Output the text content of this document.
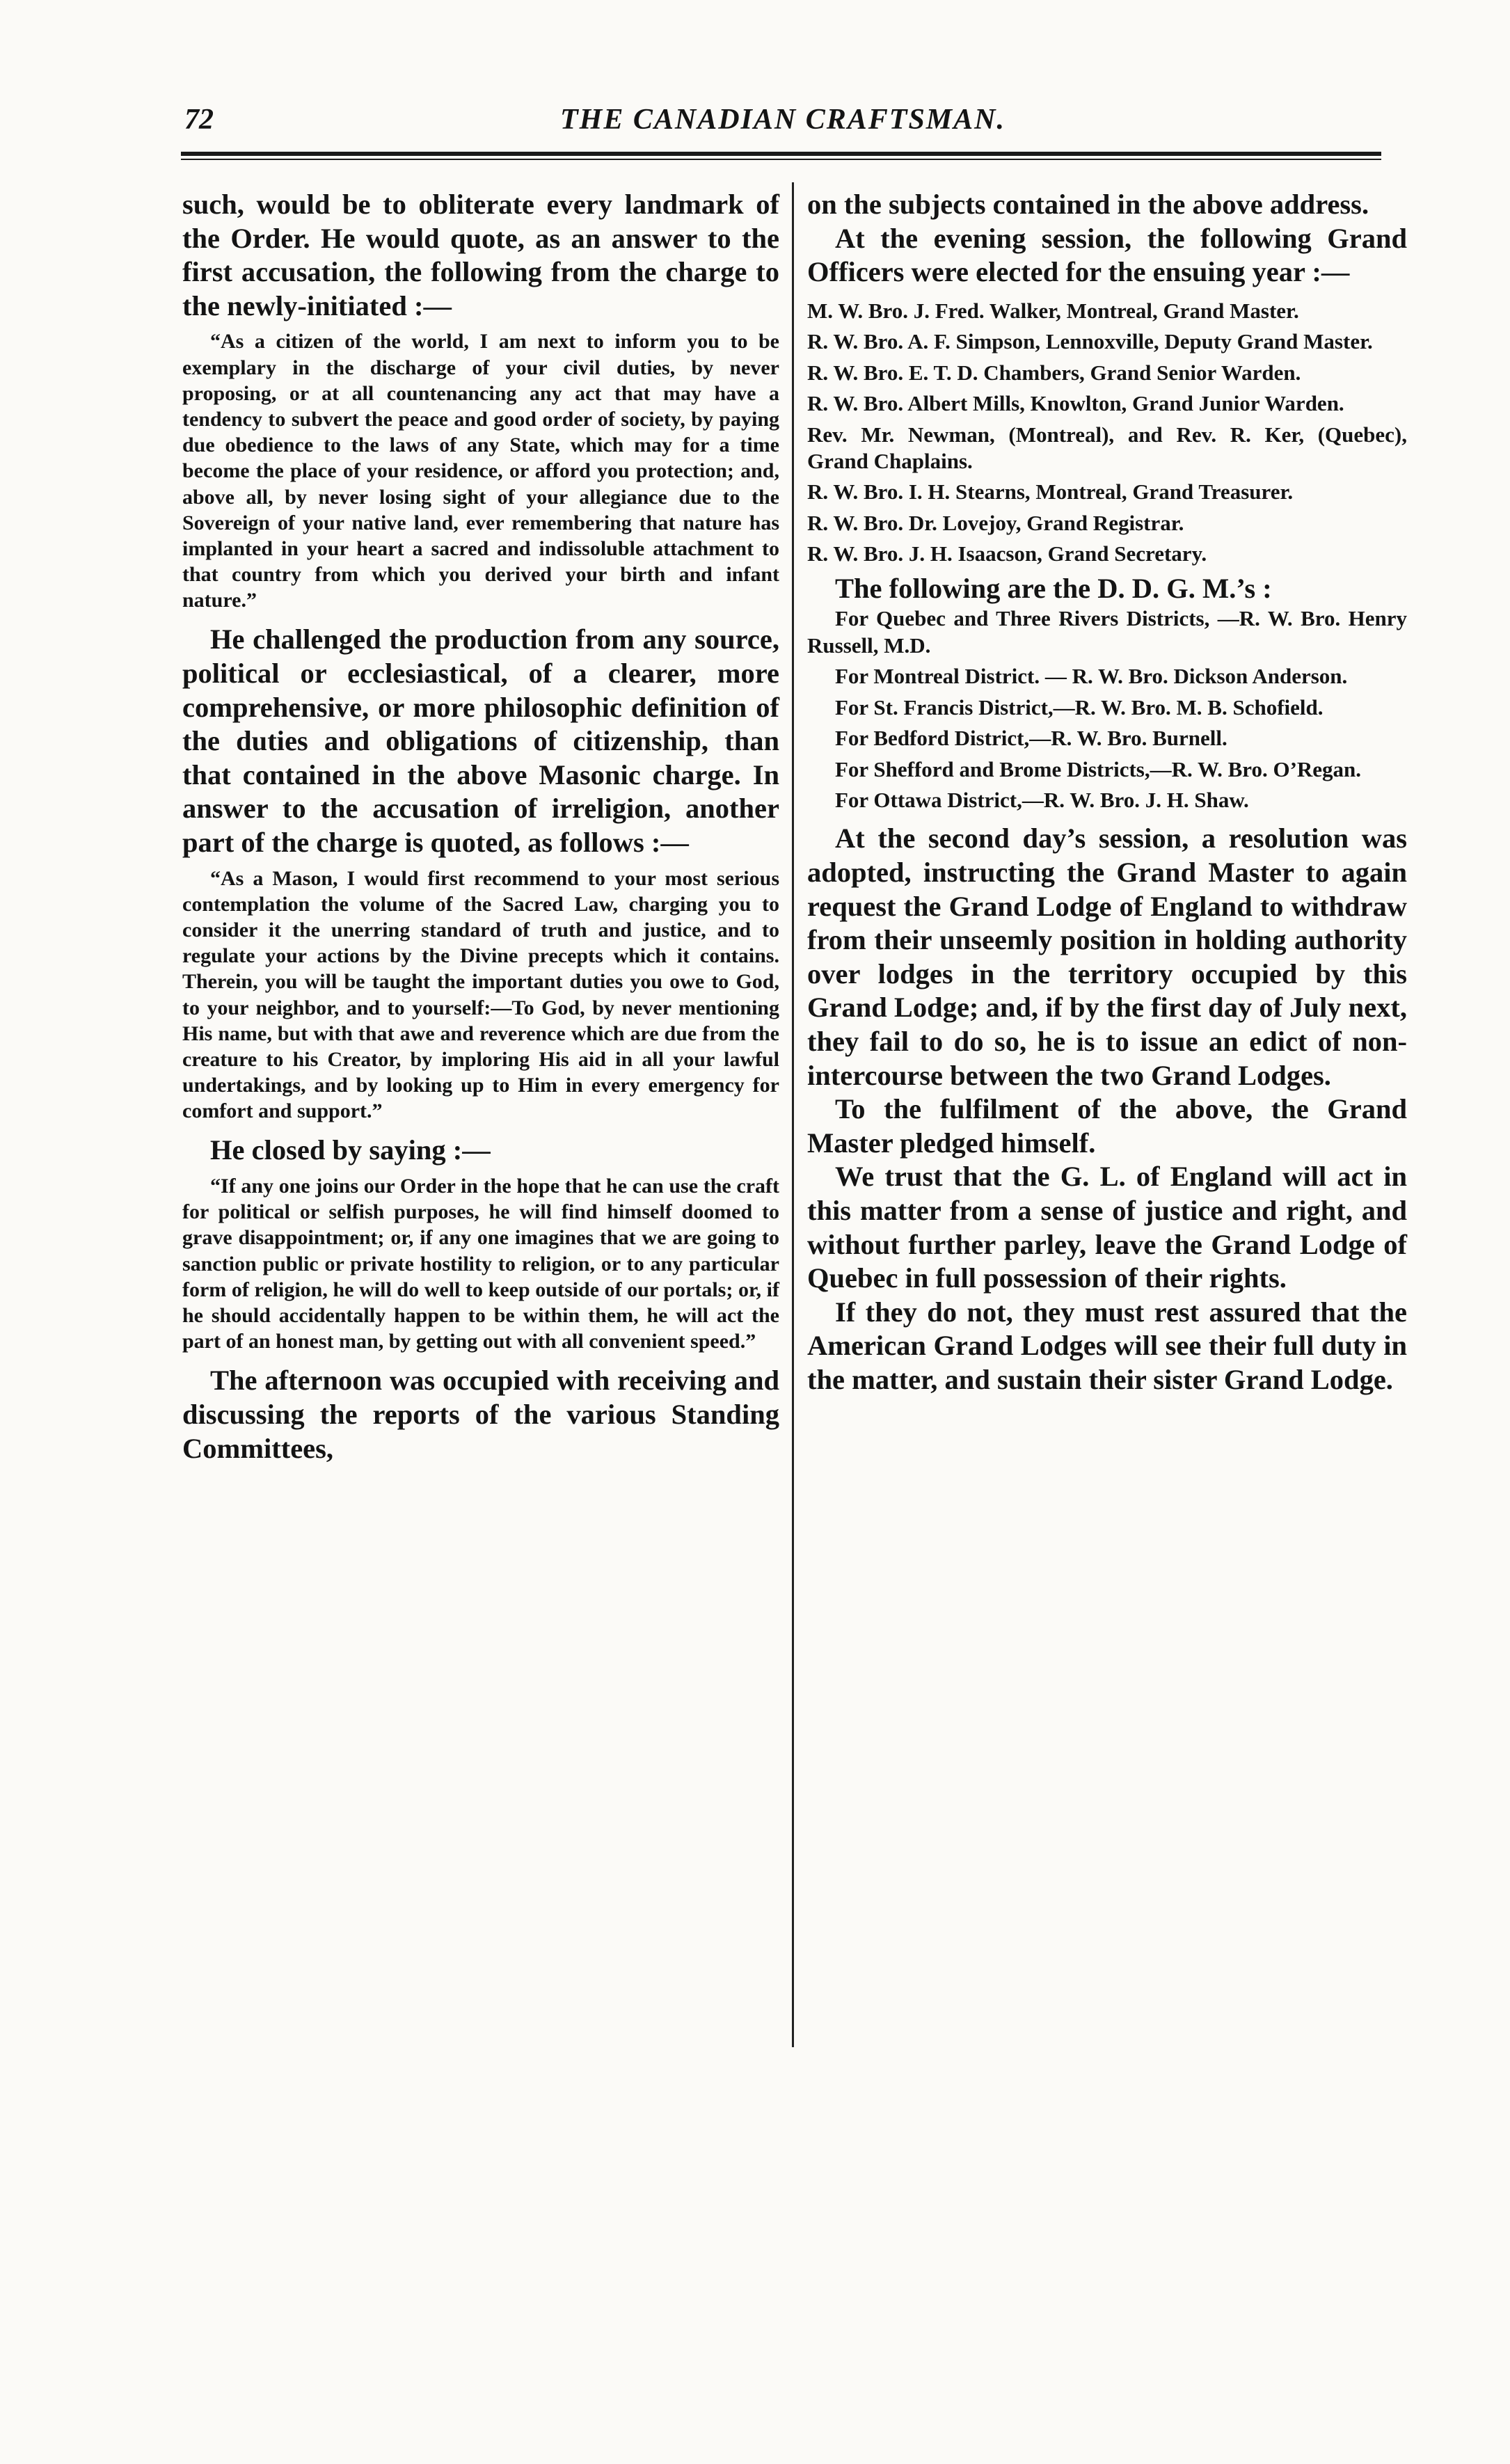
72	THE CANADIAN CRAFTSMAN.

such, would be to obliterate every landmark of the Order. He would quote, as an answer to the first accusation, the following from the charge to the newly-initiated :—

“As a citizen of the world, I am next to inform you to be exemplary in the discharge of your civil duties, by never proposing, or at all countenancing any act that may have a tendency to subvert the peace and good order of society, by paying due obedience to the laws of any State, which may for a time become the place of your residence, or afford you protection; and, above all, by never losing sight of your allegiance due to the Sovereign of your native land, ever remembering that nature has implanted in your heart a sacred and indissoluble attachment to that country from which you derived your birth and infant nature.”

He challenged the production from any source, political or ecclesiastical, of a clearer, more comprehensive, or more philosophic definition of the duties and obligations of citizenship, than that contained in the above Masonic charge. In answer to the accusation of irreligion, another part of the charge is quoted, as follows :—

“As a Mason, I would first recommend to your most serious contemplation the volume of the Sacred Law, charging you to consider it the unerring standard of truth and justice, and to regulate your actions by the Divine precepts which it contains. Therein, you will be taught the important duties you owe to God, to your neighbor, and to yourself:—To God, by never mentioning His name, but with that awe and reverence which are due from the creature to his Creator, by imploring His aid in all your lawful undertakings, and by looking up to Him in every emergency for comfort and support.”

He closed by saying :—

“If any one joins our Order in the hope that he can use the craft for political or selfish purposes, he will find himself doomed to grave disappointment; or, if any one imagines that we are going to sanction public or private hostility to religion, or to any particular form of religion, he will do well to keep outside of our portals; or, if he should accidentally happen to be within them, he will act the part of an honest man, by getting out with all convenient speed.”

The afternoon was occupied with receiving and discussing the reports of the various Standing Committees,

on the subjects contained in the above address.

At the evening session, the following Grand Officers were elected for the ensuing year :—

M. W. Bro. J. Fred. Walker, Montreal, Grand Master.

R. W. Bro. A. F. Simpson, Lennoxville, Deputy Grand Master.

R. W. Bro. E. T. D. Chambers, Grand Senior Warden.

R. W. Bro. Albert Mills, Knowlton, Grand Junior Warden.

Rev. Mr. Newman, (Montreal), and Rev. R. Ker, (Quebec), Grand Chaplains.

R. W. Bro. I. H. Stearns, Montreal, Grand Treasurer.

R. W. Bro. Dr. Lovejoy, Grand Registrar.

R. W. Bro. J. H. Isaacson, Grand Secretary.

The following are the D. D. G. M.’s :

For Quebec and Three Rivers Districts, —R. W. Bro. Henry Russell, M.D.

For Montreal District. — R. W. Bro. Dickson Anderson.

For St. Francis District,—R. W. Bro. M. B. Schofield.

For Bedford District,—R. W. Bro. Burnell.

For Shefford and Brome Districts,—R. W. Bro. O’Regan.

For Ottawa District,—R. W. Bro. J. H. Shaw.

At the second day’s session, a resolution was adopted, instructing the Grand Master to again request the Grand Lodge of England to withdraw from their unseemly position in holding authority over lodges in the territory occupied by this Grand Lodge; and, if by the first day of July next, they fail to do so, he is to issue an edict of non-intercourse between the two Grand Lodges.

To the fulfilment of the above, the Grand Master pledged himself.

We trust that the G. L. of England will act in this matter from a sense of justice and right, and without further parley, leave the Grand Lodge of Quebec in full possession of their rights.

If they do not, they must rest assured that the American Grand Lodges will see their full duty in the matter, and sustain their sister Grand Lodge.
